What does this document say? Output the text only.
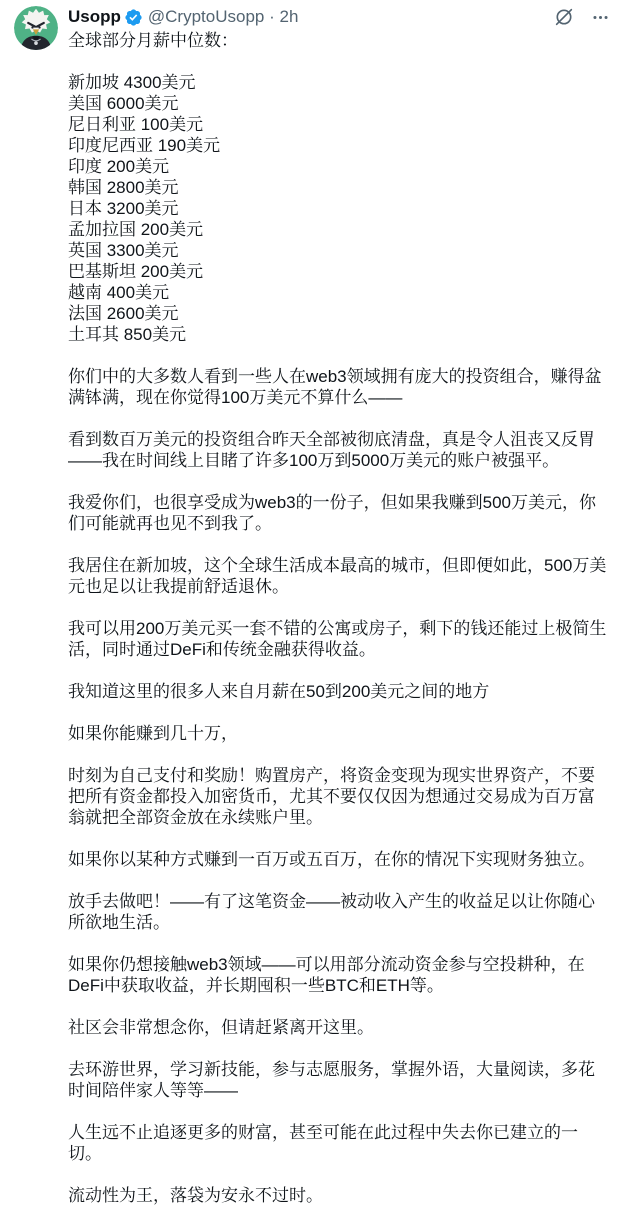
Usopp @CryptoUsopp · 2h

全球部分月薪中位数：

新加坡 4300美元
美国 6000美元
尼日利亚 100美元
印度尼西亚 190美元
印度 200美元
韩国 2800美元
日本 3200美元
孟加拉国 200美元
英国 3300美元
巴基斯坦 200美元
越南 400美元
法国 2600美元
土耳其 850美元

你们中的大多数人看到一些人在web3领域拥有庞大的投资组合，赚得盆满钵满，现在你觉得100万美元不算什么——

看到数百万美元的投资组合昨天全部被彻底清盘，真是令人沮丧又反胃——我在时间线上目睹了许多100万到5000万美元的账户被强平。

我爱你们，也很享受成为web3的一份子，但如果我赚到500万美元，你们可能就再也见不到我了。

我居住在新加坡，这个全球生活成本最高的城市，但即便如此，500万美元也足以让我提前舒适退休。

我可以用200万美元买一套不错的公寓或房子，剩下的钱还能过上极简生活，同时通过DeFi和传统金融获得收益。

我知道这里的很多人来自月薪在50到200美元之间的地方

如果你能赚到几十万，

时刻为自己支付和奖励！购置房产，将资金变现为现实世界资产，不要把所有资金都投入加密货币，尤其不要仅仅因为想通过交易成为百万富翁就把全部资金放在永续账户里。

如果你以某种方式赚到一百万或五百万，在你的情况下实现财务独立。

放手去做吧！——有了这笔资金——被动收入产生的收益足以让你随心所欲地生活。

如果你仍想接触web3领域——可以用部分流动资金参与空投耕种，在DeFi中获取收益，并长期囤积一些BTC和ETH等。

社区会非常想念你，但请赶紧离开这里。

去环游世界，学习新技能，参与志愿服务，掌握外语，大量阅读，多花时间陪伴家人等等——

人生远不止追逐更多的财富，甚至可能在此过程中失去你已建立的一切。

流动性为王，落袋为安永不过时。
